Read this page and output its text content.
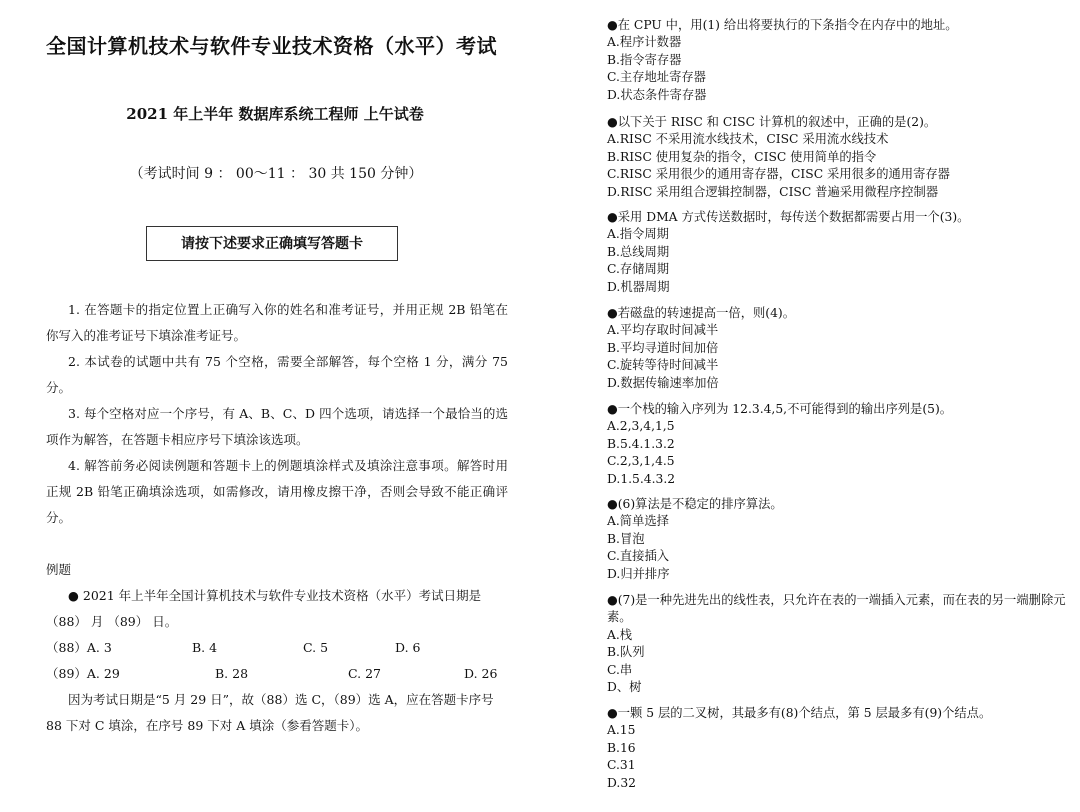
全国计算机技术与软件专业技术资格（水平）考试
2021 年上半年 数据库系统工程师 上午试卷
（考试时间 9 ： 00～11 ： 30 共 150 分钟）
请按下述要求正确填写答题卡
1. 在答题卡的指定位置上正确写入你的姓名和准考证号，并用正规 2B 铅笔在你写入的准考证号下填涂准考证号。
2. 本试卷的试题中共有 75 个空格，需要全部解答，每个空格 1 分，满分 75 分。
3. 每个空格对应一个序号，有 A、B、C、D 四个选项，请选择一个最恰当的选项作为解答，在答题卡相应序号下填涂该选项。
4. 解答前务必阅读例题和答题卡上的例题填涂样式及填涂注意事项。解答时用正规 2B 铅笔正确填涂选项，如需修改，请用橡皮擦干净，否则会导致不能正确评分。
例题
● 2021 年上半年全国计算机技术与软件专业技术资格（水平）考试日期是（88） 月 （89） 日。
（88）A. 3	B. 4	C. 5	D. 6
（89）A. 29	B. 28	C. 27	D. 26
因为考试日期是“5 月 29 日”，故（88）选 C，（89）选 A，应在答题卡序号 88 下对 C 填涂，在序号 89 下对 A 填涂（参看答题卡）。
●在 CPU 中，用(1) 给出将要执行的下条指令在内存中的地址。
A.程序计数器
B.指令寄存器
C.主存地址寄存器
D.状态条件寄存器
●以下关于 RISC 和 CISC 计算机的叙述中，正确的是(2)。
A.RISC 不采用流水线技术，CISC 采用流水线技术
B.RISC 使用复杂的指令，CISC 使用简单的指令
C.RISC 采用很少的通用寄存器，CISC 采用很多的通用寄存器
D.RISC 采用组合逻辑控制器，CISC 普遍采用微程序控制器
●采用 DMA 方式传送数据时，每传送个数据都需要占用一个(3)。
A.指令周期
B.总线周期
C.存储周期
D.机器周期
●若磁盘的转速提高一倍，则(4)。
A.平均存取时间减半
B.平均寻道时间加倍
C.旋转等待时间减半
D.数据传输速率加倍
●一个栈的输入序列为 12.3.4,5,不可能得到的输出序列是(5)。
A.2,3,4,1,5
B.5.4.1.3.2
C.2,3,1,4.5
D.1.5.4.3.2
●(6)算法是不稳定的排序算法。
A.简单选择
B.冒泡
C.直接插入
D.归并排序
●(7)是一种先进先出的线性表，只允许在表的一端插入元素，而在表的另一端删除元素。
A.栈
B.队列
C.串
D、树
●一颗 5 层的二叉树，其最多有(8)个结点，第 5 层最多有(9)个结点。
A.15
B.16
C.31
D.32
